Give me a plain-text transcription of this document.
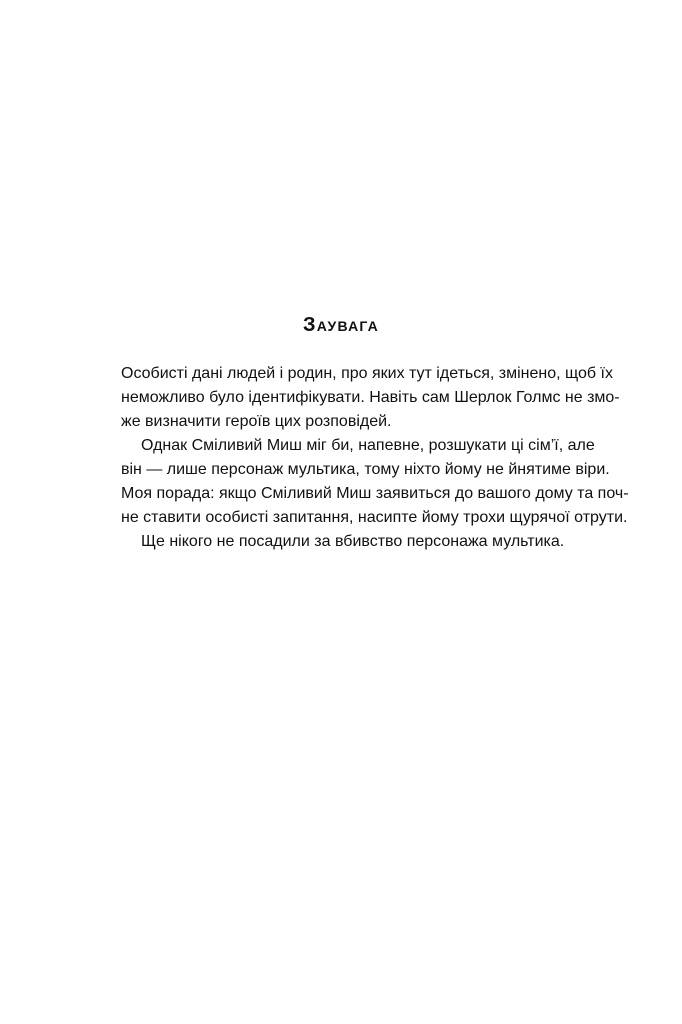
Заувага
Особисті дані людей і родин, про яких тут ідеться, змінено, щоб їх
неможливо було ідентифікувати. Навіть сам Шерлок Голмс не змо-
же визначити героїв цих розповідей.
Однак Сміливий Миш міг би, напевне, розшукати ці сім’ї, але
він — лише персонаж мультика, тому ніхто йому не йнятиме віри.
Моя порада: якщо Сміливий Миш заявиться до вашого дому та поч-
не ставити особисті запитання, насипте йому трохи щурячої отрути.
Ще нікого не посадили за вбивство персонажа мультика.
